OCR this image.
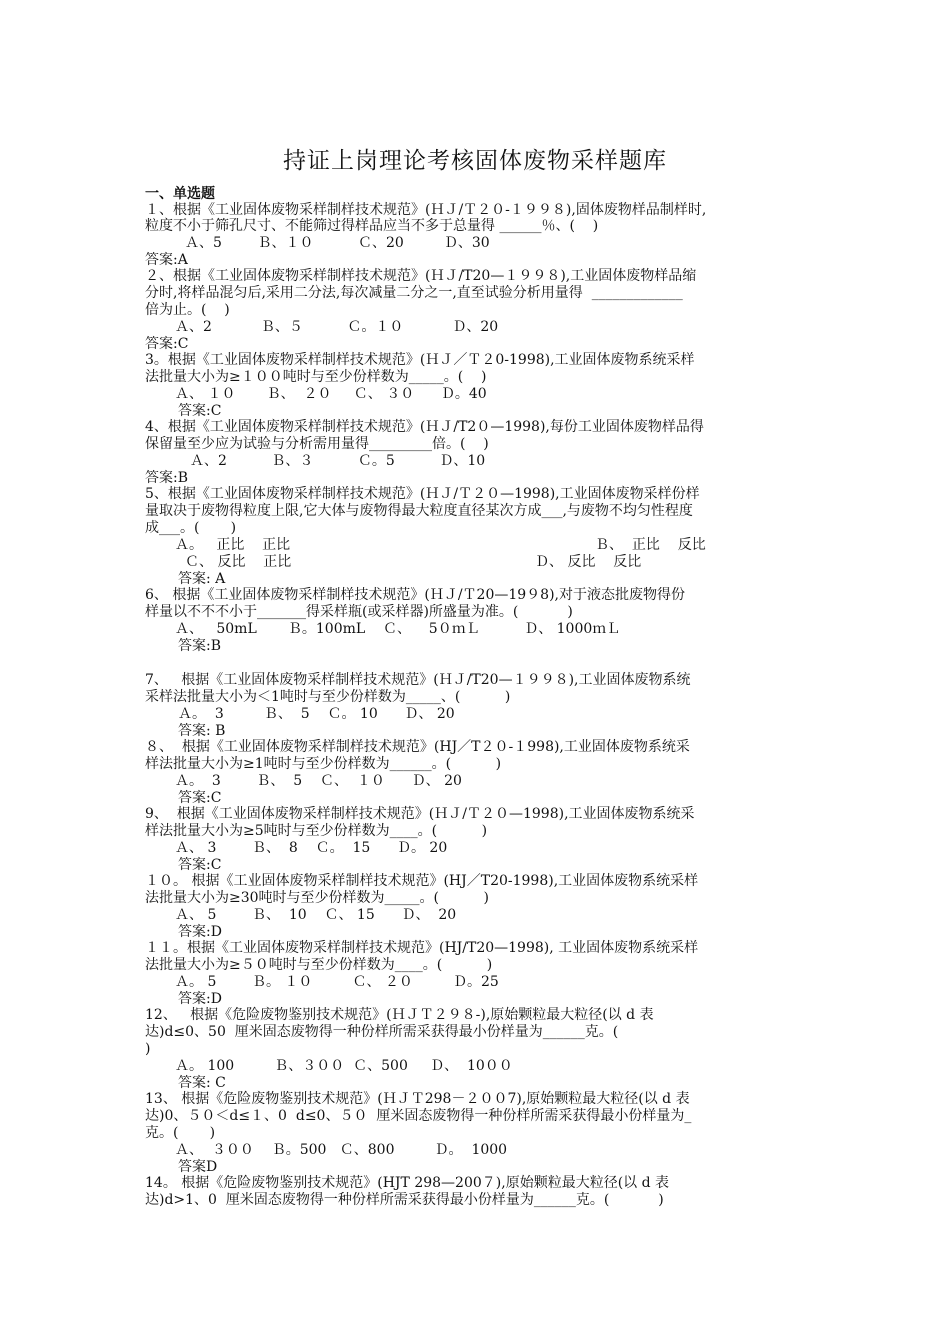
持证上岗理论考核固体废物采样题库

一、单选题

１、根据《工业固体废物采样制样技术规范》(ＨＪ/Ｔ２０-１９９８),固体废物样品制样时,

粒度不小于筛孔尺寸、不能筛过得样品应当不多于总量得 ______％、(    )

Ａ、5        Ｂ、１０          Ｃ、20         Ｄ、30

答案:A

２、根据《工业固体废物采样制样技术规范》(ＨＪ/T20—１９９８),工业固体废物样品缩

分时,将样品混匀后,采用二分法,每次减量二分之一,直至试验分析用量得  _____________

倍为止。(    )

Ａ、2           Ｂ、５          Ｃ。１０           Ｄ、20

答案:C

3。根据《工业固体废物采样制样技术规范》(ＨＪ／Ｔ２0-1998),工业固体废物系统采样

法批量大小为≥１００吨时与至少份样数为_____。(    )

Ａ、 １０       Ｂ、  ２０     Ｃ、 ３０      Ｄ。40

答案:C

4、根据《工业固体废物采样制样技术规范》(ＨＪ/T2０—1998),每份工业固体废物样品得

保留量至少应为试验与分析需用量得_________倍。(    )

Ａ、2          Ｂ、３          Ｃ。5          Ｄ、10

答案:B

5、根据《工业固体废物采样制样技术规范》(ＨＪ/Ｔ２０—1998),工业固体废物采样份样

量取决于废物得粒度上限,它大体与废物得最大粒度直径某次方成___,与废物不均匀性程度

成___。(       )

Ａ。   正比    正比	Ｂ、  正比    反比

Ｃ、 反比    正比	Ｄ、 反比    反比

答案: A

6、 根据《工业固体废物采样制样技术规范》(ＨＪ/Ｔ20—19９8),对于液态批废物得份

样量以不不不小于_______得采样瓶(或采样器)所盛量为准。(           )

Ａ、   50mL       Ｂ。100mL    Ｃ、    5０ｍＬ          Ｄ、 1000ｍＬ

答案:B

7、   根据《工业固体废物采样制样技术规范》(ＨＪ/T20—１９９８),工业固体废物系统

采样法批量大小为＜1吨时与至少份样数为_____、(          )

Ａ。  3         Ｂ、  5    Ｃ。 10      Ｄ、 20

答案: B

８、  根据《工业固体废物采样制样技术规范》(HJ／T２０-１998),工业固体废物系统采

样法批量大小为≥1吨时与至少份样数为______。(          )

Ａ。  3        Ｂ、  5    Ｃ、  １０      Ｄ、 20

答案:C

9、  根据《工业固体废物采样制样技术规范》(ＨＪ/Ｔ２０—1998),工业固体废物系统采

样法批量大小为≥5吨时与至少份样数为____。(          )

Ａ、 3        Ｂ、  8    Ｃ。  15      Ｄ。 20

答案:C

１０。 根据《工业固体废物采样制样技术规范》(HJ／T20-1998),工业固体废物系统采样

法批量大小为≥30吨时与至少份样数为_____。(          )

Ａ、 5        Ｂ、  10    Ｃ、 15      Ｄ、  20

答案:D

１１。根据《工业固体废物采样制样技术规范》(HJ/T20—1998), 工业固体废物系统采样

法批量大小为≥５０吨时与至少份样数为____。(          )

Ａ。 5        Ｂ。 １０         Ｃ、 ２０         Ｄ。25

答案:D

12、   根据《危险废物鉴别技术规范》(ＨＪＴ２９８-),原始颗粒最大粒径(以 d 表

达)d≤0、50  厘米固态废物得一种份样所需采获得最小份样量为______克。(

)

Ａ。 100         Ｂ、３００  Ｃ、500     Ｄ、  10００

答案: C

13、 根据《危险废物鉴别技术规范》(ＨＪＴ298－２００7),原始颗粒最大粒径(以 d 表

达)0、５０＜d≤１、0  d≤0、５０  厘米固态废物得一种份样所需采获得最小份样量为_

克。(       )

Ａ、  ３００    Ｂ。500   Ｃ、800         Ｄ。  1000

答案D

14。 根据《危险废物鉴别技术规范》(HJT 298—200７),原始颗粒最大粒径(以 d 表

达)d>1、0  厘米固态废物得一种份样所需采获得最小份样量为______克。(           )
